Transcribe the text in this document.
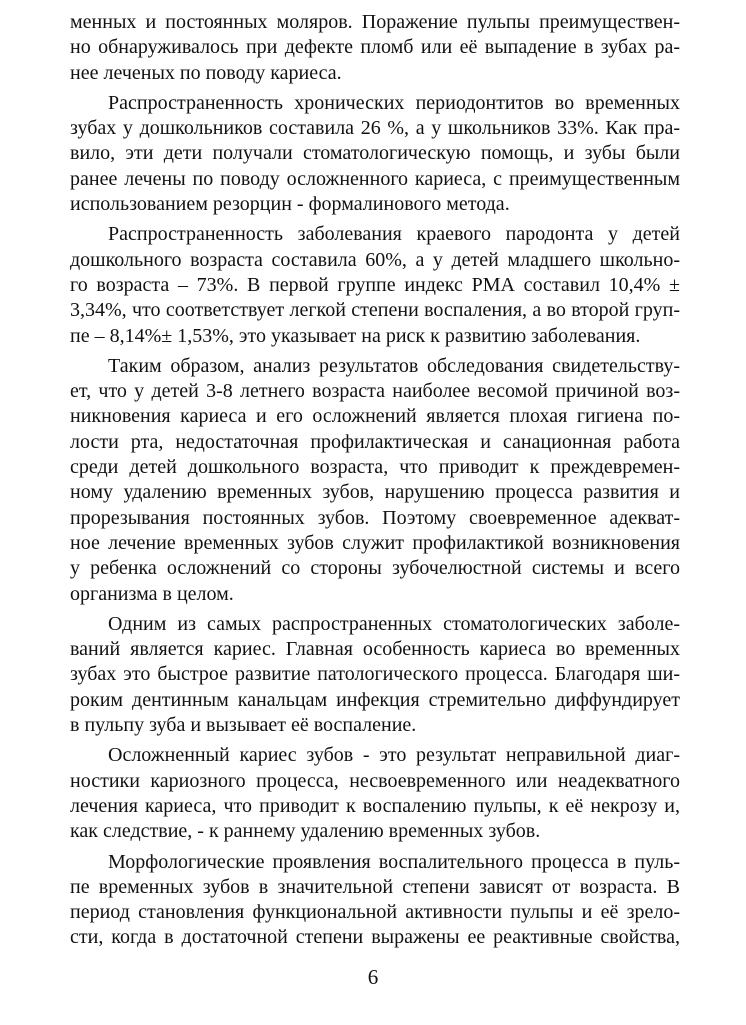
менных и постоянных моляров. Поражение пульпы преимуществен-
но обнаруживалось при дефекте пломб или её выпадение в зубах ра-
нее леченых по поводу кариеса.
Распространенность хронических периодонтитов во временных
зубах у дошкольников составила 26 %, а у школьников 33%. Как пра-
вило, эти дети получали стоматологическую помощь, и зубы были
ранее лечены по поводу осложненного кариеса, с преимущественным
использованием резорцин - формалинового метода.
Распространенность заболевания краевого пародонта у детей
дошкольного возраста составила 60%, а у детей младшего школьно-
го возраста – 73%. В первой группе индекс РМА составил 10,4% ±
3,34%, что соответствует легкой степени воспаления, а во второй груп-
пе – 8,14%± 1,53%, это указывает на риск к развитию заболевания.
Таким образом, анализ результатов обследования свидетельству-
ет, что у детей 3-8 летнего возраста наиболее весомой причиной воз-
никновения кариеса и его осложнений является плохая гигиена по-
лости рта, недостаточная профилактическая и санационная работа
среди детей дошкольного возраста, что приводит к преждевремен-
ному удалению временных зубов, нарушению процесса развития и
прорезывания постоянных зубов. Поэтому своевременное адекват-
ное лечение временных зубов служит профилактикой возникновения
у ребенка осложнений со стороны зубочелюстной системы и всего
организма в целом.
Одним из самых распространенных стоматологических заболе-
ваний является кариес. Главная особенность кариеса во временных
зубах это быстрое развитие патологического процесса. Благодаря ши-
роким дентинным канальцам инфекция стремительно диффундирует
в пульпу зуба и вызывает её воспаление.
Осложненный кариес зубов - это результат неправильной диаг-
ностики кариозного процесса, несвоевременного или неадекватного
лечения кариеса, что приводит к воспалению пульпы, к её некрозу и,
как следствие, - к раннему удалению временных зубов.
Морфологические проявления воспалительного процесса в пуль-
пе временных зубов в значительной степени зависят от возраста. В
период становления функциональной активности пульпы и её зрело-
сти, когда в достаточной степени выражены ее реактивные свойства,
6
